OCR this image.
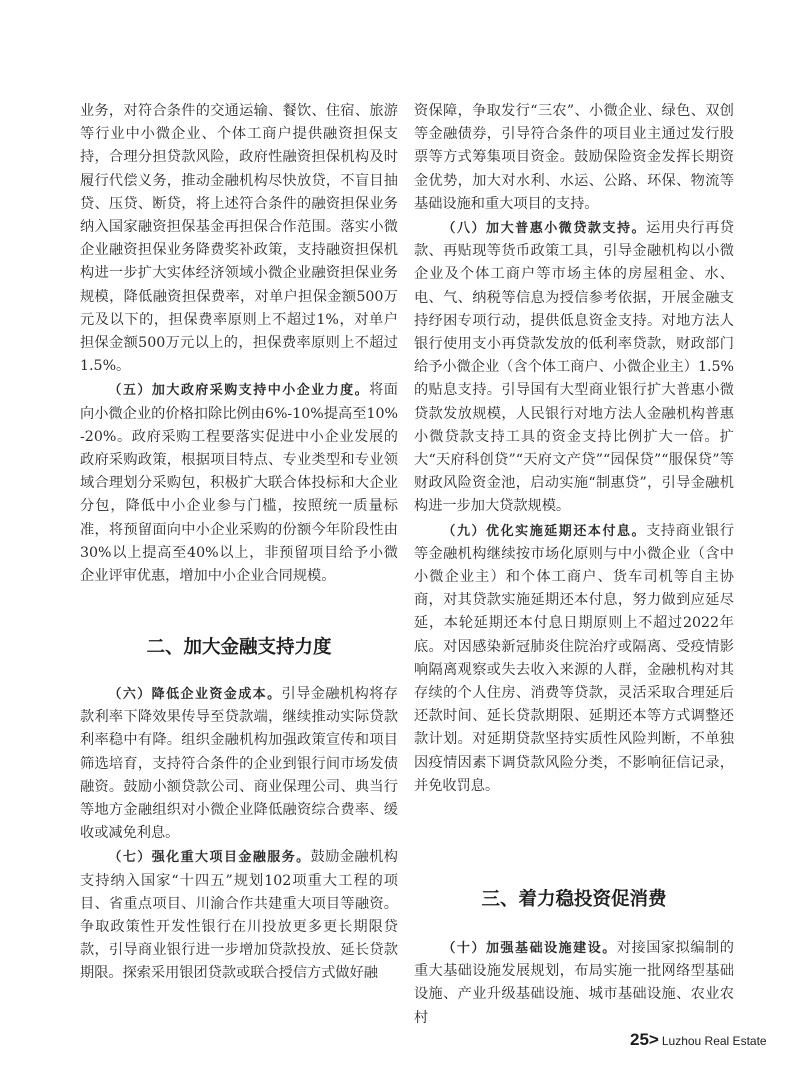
业务，对符合条件的交通运输、餐饮、住宿、旅游等行业中小微企业、个体工商户提供融资担保支持，合理分担贷款风险，政府性融资担保机构及时履行代偿义务，推动金融机构尽快放贷，不盲目抽贷、压贷、断贷，将上述符合条件的融资担保业务纳入国家融资担保基金再担保合作范围。落实小微企业融资担保业务降费奖补政策，支持融资担保机构进一步扩大实体经济领域小微企业融资担保业务规模，降低融资担保费率，对单户担保金额500万元及以下的，担保费率原则上不超过1%，对单户担保金额500万元以上的，担保费率原则上不超过1.5%。

（五）加大政府采购支持中小企业力度。将面向小微企业的价格扣除比例由6%-10%提高至10%-20%。政府采购工程要落实促进中小企业发展的政府采购政策，根据项目特点、专业类型和专业领域合理划分采购包，积极扩大联合体投标和大企业分包，降低中小企业参与门槛，按照统一质量标准，将预留面向中小企业采购的份额今年阶段性由30%以上提高至40%以上，非预留项目给予小微企业评审优惠，增加中小企业合同规模。

二、加大金融支持力度

（六）降低企业资金成本。引导金融机构将存款利率下降效果传导至贷款端，继续推动实际贷款利率稳中有降。组织金融机构加强政策宣传和项目筛选培育，支持符合条件的企业到银行间市场发债融资。鼓励小额贷款公司、商业保理公司、典当行等地方金融组织对小微企业降低融资综合费率、缓收或减免利息。

（七）强化重大项目金融服务。鼓励金融机构支持纳入国家“十四五”规划102项重大工程的项目、省重点项目、川渝合作共建重大项目等融资。争取政策性开发性银行在川投放更多更长期限贷款，引导商业银行进一步增加贷款投放、延长贷款期限。探索采用银团贷款或联合授信方式做好融

资保障，争取发行“三农”、小微企业、绿色、双创等金融债券，引导符合条件的项目业主通过发行股票等方式筹集项目资金。鼓励保险资金发挥长期资金优势，加大对水利、水运、公路、环保、物流等基础设施和重大项目的支持。

（八）加大普惠小微贷款支持。运用央行再贷款、再贴现等货币政策工具，引导金融机构以小微企业及个体工商户等市场主体的房屋租金、水、电、气、纳税等信息为授信参考依据，开展金融支持纾困专项行动，提供低息资金支持。对地方法人银行使用支小再贷款发放的低利率贷款，财政部门给予小微企业（含个体工商户、小微企业主）1.5%的贴息支持。引导国有大型商业银行扩大普惠小微贷款发放规模，人民银行对地方法人金融机构普惠小微贷款支持工具的资金支持比例扩大一倍。扩大“天府科创贷”“天府文产贷”“园保贷”“服保贷”等财政风险资金池，启动实施“制惠贷”，引导金融机构进一步加大贷款规模。

（九）优化实施延期还本付息。支持商业银行等金融机构继续按市场化原则与中小微企业（含中小微企业主）和个体工商户、货车司机等自主协商，对其贷款实施延期还本付息，努力做到应延尽延，本轮延期还本付息日期原则上不超过2022年底。对因感染新冠肺炎住院治疗或隔离、受疫情影响隔离观察或失去收入来源的人群，金融机构对其存续的个人住房、消费等贷款，灵活采取合理延后还款时间、延长贷款期限、延期还本等方式调整还款计划。对延期贷款坚持实质性风险判断，不单独因疫情因素下调贷款风险分类，不影响征信记录，并免收罚息。

三、着力稳投资促消费

（十）加强基础设施建设。对接国家拟编制的重大基础设施发展规划，布局实施一批网络型基础设施、产业升级基础设施、城市基础设施、农业农村

25> Luzhou Real Estate
